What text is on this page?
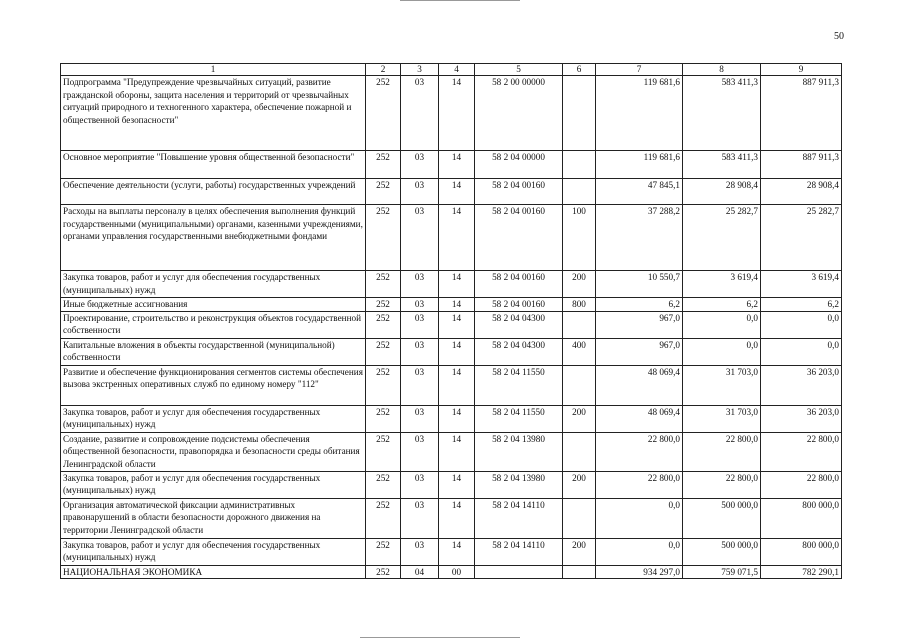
50
1	2	3	4	5	6	7	8	9
Подпрограмма "Предупреждение чрезвычайных ситуаций, развитие гражданской обороны, защита населения и территорий от чрезвычайных ситуаций природного и техногенного характера, обеспечение пожарной и общественной безопасности"	252	03	14	58 2 00 00000		119 681,6	583 411,3	887 911,3
Основное мероприятие "Повышение уровня общественной безопасности"	252	03	14	58 2 04 00000		119 681,6	583 411,3	887 911,3
Обеспечение деятельности (услуги, работы) государственных учреждений	252	03	14	58 2 04 00160		47 845,1	28 908,4	28 908,4
Расходы на выплаты персоналу в целях обеспечения выполнения функций государственными (муниципальными) органами, казенными учреждениями, органами управления государственными внебюджетными фондами	252	03	14	58 2 04 00160	100	37 288,2	25 282,7	25 282,7
Закупка товаров, работ и услуг для обеспечения государственных (муниципальных) нужд	252	03	14	58 2 04 00160	200	10 550,7	3 619,4	3 619,4
Иные бюджетные ассигнования	252	03	14	58 2 04 00160	800	6,2	6,2	6,2
Проектирование, строительство и реконструкция объектов государственной собственности	252	03	14	58 2 04 04300		967,0	0,0	0,0
Капитальные вложения в объекты государственной (муниципальной) собственности	252	03	14	58 2 04 04300	400	967,0	0,0	0,0
Развитие и обеспечение функционирования сегментов системы обеспечения вызова экстренных оперативных служб по единому номеру "112"	252	03	14	58 2 04 11550		48 069,4	31 703,0	36 203,0
Закупка товаров, работ и услуг для обеспечения государственных (муниципальных) нужд	252	03	14	58 2 04 11550	200	48 069,4	31 703,0	36 203,0
Создание, развитие и сопровождение подсистемы обеспечения общественной безопасности, правопорядка и безопасности среды обитания Ленинградской области	252	03	14	58 2 04 13980		22 800,0	22 800,0	22 800,0
Закупка товаров, работ и услуг для обеспечения государственных (муниципальных) нужд	252	03	14	58 2 04 13980	200	22 800,0	22 800,0	22 800,0
Организация автоматической фиксации административных правонарушений в области безопасности дорожного движения на территории Ленинградской области	252	03	14	58 2 04 14110		0,0	500 000,0	800 000,0
Закупка товаров, работ и услуг для обеспечения государственных (муниципальных) нужд	252	03	14	58 2 04 14110	200	0,0	500 000,0	800 000,0
НАЦИОНАЛЬНАЯ ЭКОНОМИКА	252	04	00			934 297,0	759 071,5	782 290,1
